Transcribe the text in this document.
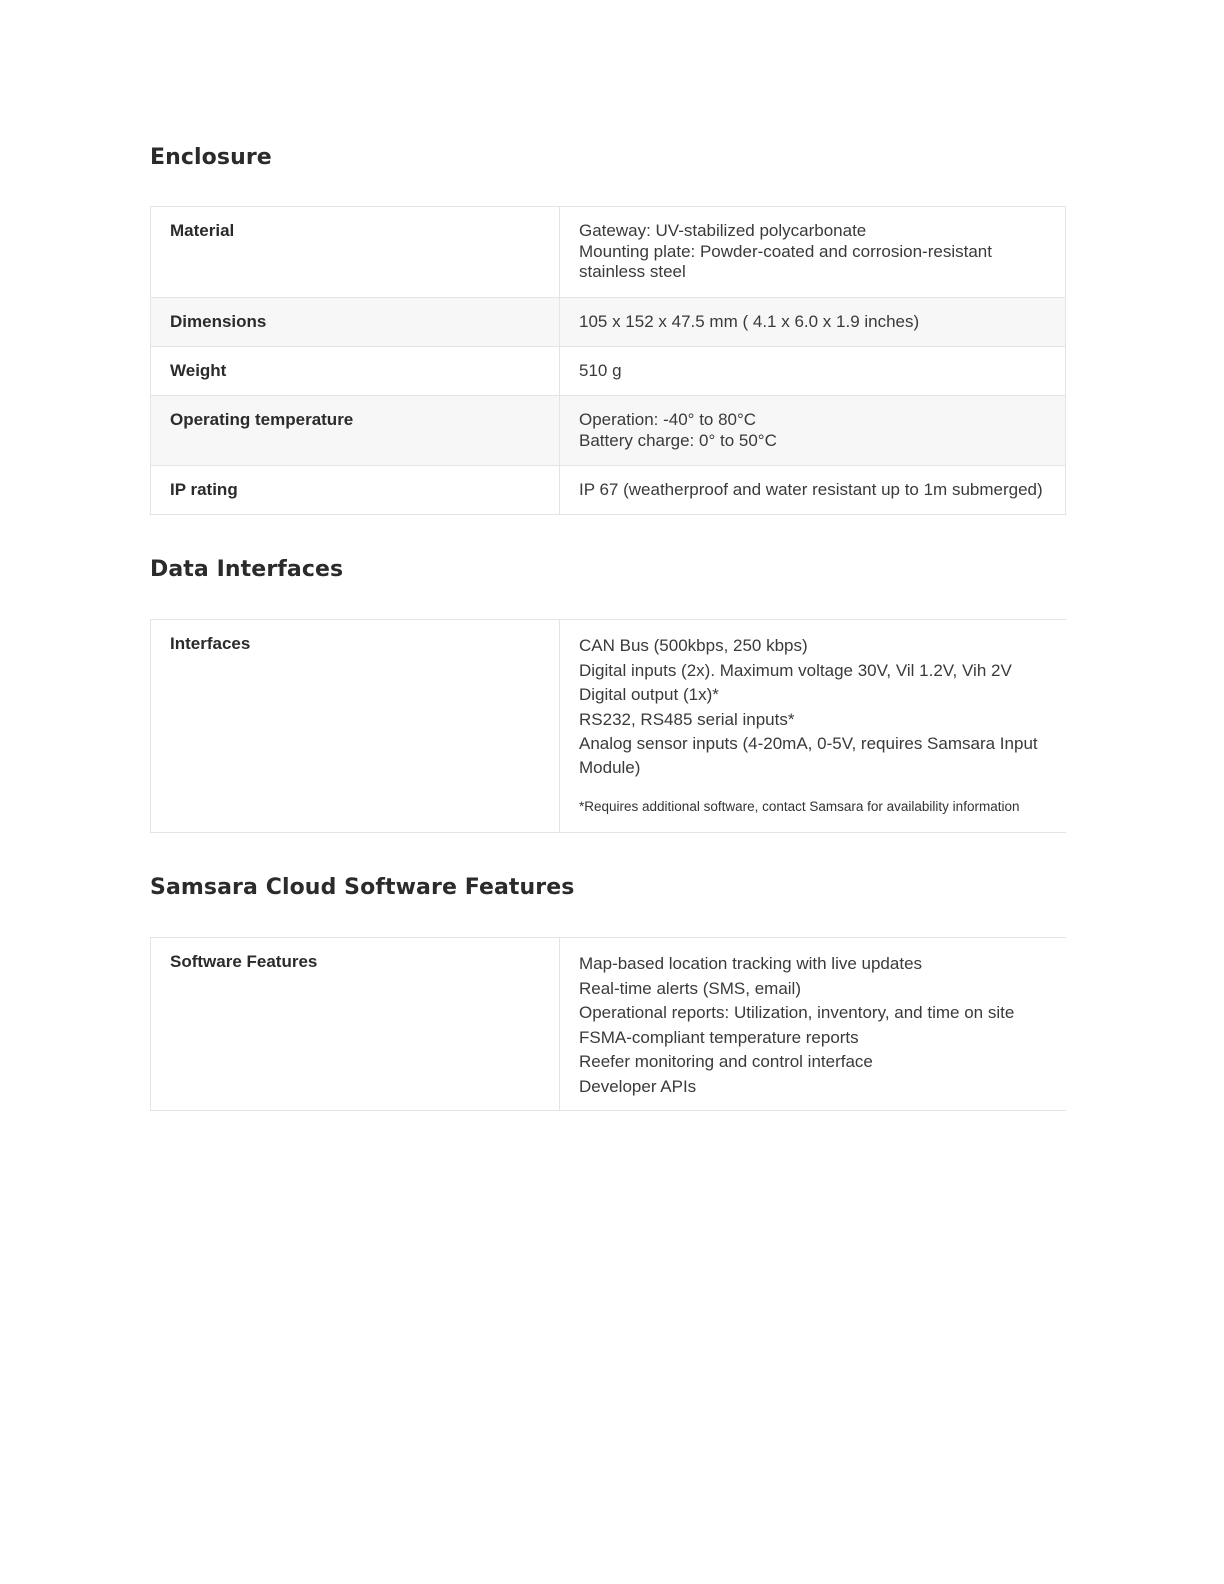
Enclosure
Material	Gateway: UV-stabilized polycarbonate
Mounting plate: Powder-coated and corrosion-resistant
stainless steel
Dimensions	105 x 152 x 47.5 mm ( 4.1 x 6.0 x 1.9 inches)
Weight	510 g
Operating temperature	Operation: -40° to 80°C
Battery charge: 0° to 50°C
IP rating	IP 67 (weatherproof and water resistant up to 1m submerged)
Data Interfaces
Interfaces	CAN Bus (500kbps, 250 kbps)
Digital inputs (2x). Maximum voltage 30V, Vil 1.2V, Vih 2V
Digital output (1x)*
RS232, RS485 serial inputs*
Analog sensor inputs (4-20mA, 0-5V, requires Samsara Input
Module)
*Requires additional software, contact Samsara for availability information
Samsara Cloud Software Features
Software Features	Map-based location tracking with live updates
Real-time alerts (SMS, email)
Operational reports: Utilization, inventory, and time on site
FSMA-compliant temperature reports
Reefer monitoring and control interface
Developer APIs
